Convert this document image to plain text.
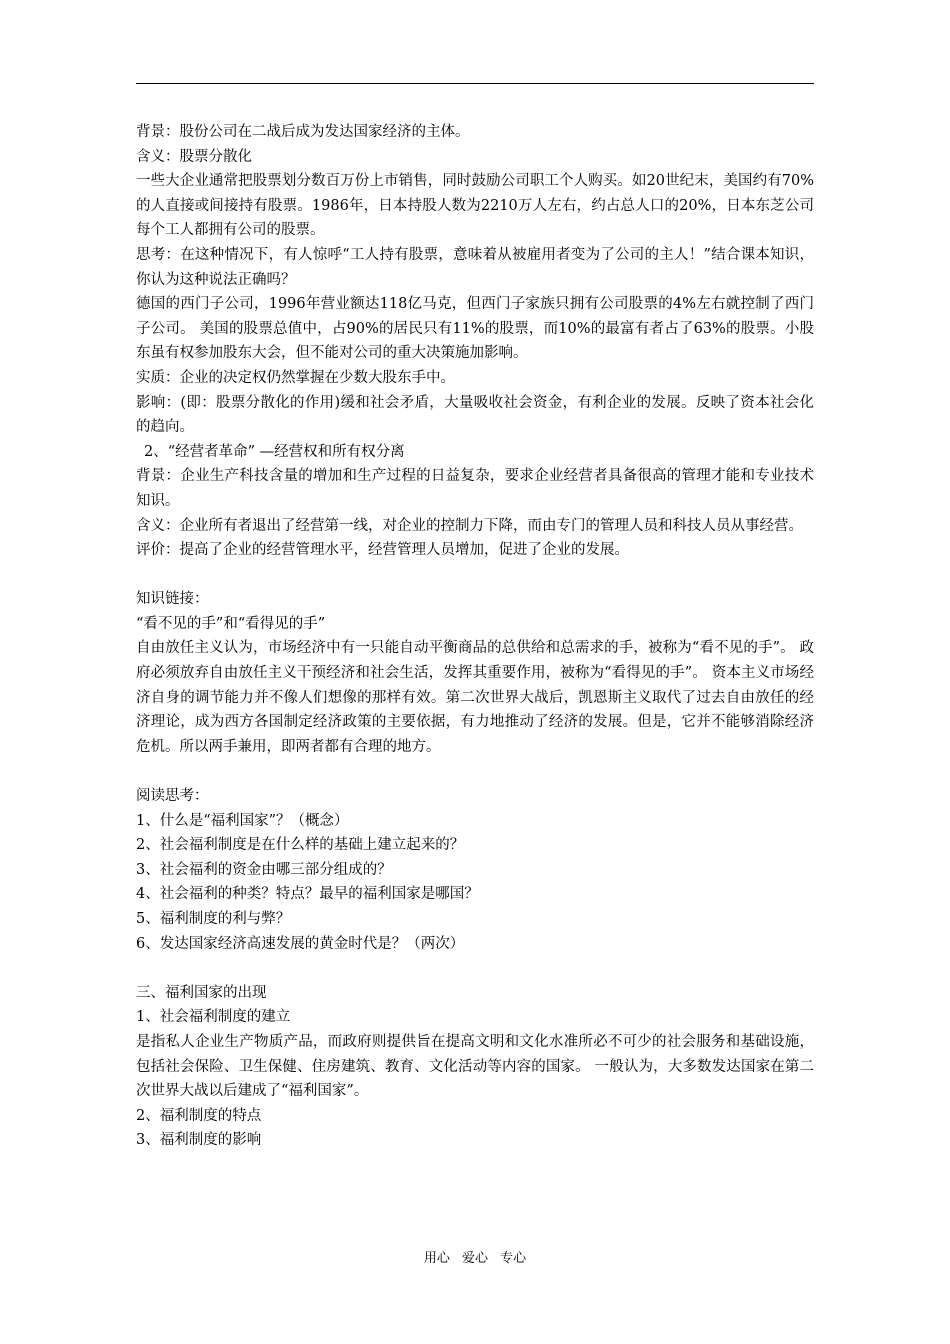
背景：股份公司在二战后成为发达国家经济的主体。

含义：股票分散化

一些大企业通常把股票划分数百万份上市销售，同时鼓励公司职工个人购买。如20世纪末，美国约有70%的人直接或间接持有股票。1986年，日本持股人数为2210万人左右，约占总人口的20%，日本东芝公司每个工人都拥有公司的股票。

思考：在这种情况下，有人惊呼“工人持有股票，意味着从被雇用者变为了公司的主人！”结合课本知识，你认为这种说法正确吗？

德国的西门子公司，1996年营业额达118亿马克，但西门子家族只拥有公司股票的4%左右就控制了西门子公司。 美国的股票总值中，占90%的居民只有11%的股票，而10%的最富有者占了63%的股票。小股东虽有权参加股东大会，但不能对公司的重大决策施加影响。

实质：企业的决定权仍然掌握在少数大股东手中。

影响：(即：股票分散化的作用)缓和社会矛盾，大量吸收社会资金，有利企业的发展。反映了资本社会化的趋向。

2、“经营者革命” —经营权和所有权分离

背景：企业生产科技含量的增加和生产过程的日益复杂，要求企业经营者具备很高的管理才能和专业技术知识。

含义：企业所有者退出了经营第一线，对企业的控制力下降，而由专门的管理人员和科技人员从事经营。

评价：提高了企业的经营管理水平，经营管理人员增加，促进了企业的发展。

知识链接：

“看不见的手”和“看得见的手”

自由放任主义认为，市场经济中有一只能自动平衡商品的总供给和总需求的手，被称为“看不见的手”。 政府必须放弃自由放任主义干预经济和社会生活，发挥其重要作用，被称为“看得见的手”。 资本主义市场经济自身的调节能力并不像人们想像的那样有效。第二次世界大战后，凯恩斯主义取代了过去自由放任的经济理论，成为西方各国制定经济政策的主要依据，有力地推动了经济的发展。但是，它并不能够消除经济危机。所以两手兼用，即两者都有合理的地方。

阅读思考：

1、什么是“福利国家”？（概念）

2、社会福利制度是在什么样的基础上建立起来的？

3、社会福利的资金由哪三部分组成的？

4、社会福利的种类？特点？最早的福利国家是哪国？

5、福利制度的利与弊？

6、发达国家经济高速发展的黄金时代是？（两次）

三、福利国家的出现

1、社会福利制度的建立

是指私人企业生产物质产品，而政府则提供旨在提高文明和文化水准所必不可少的社会服务和基础设施，包括社会保险、卫生保健、住房建筑、教育、文化活动等内容的国家。 一般认为，大多数发达国家在第二次世界大战以后建成了“福利国家”。

2、福利制度的特点

3、福利制度的影响

用心 爱心 专心
